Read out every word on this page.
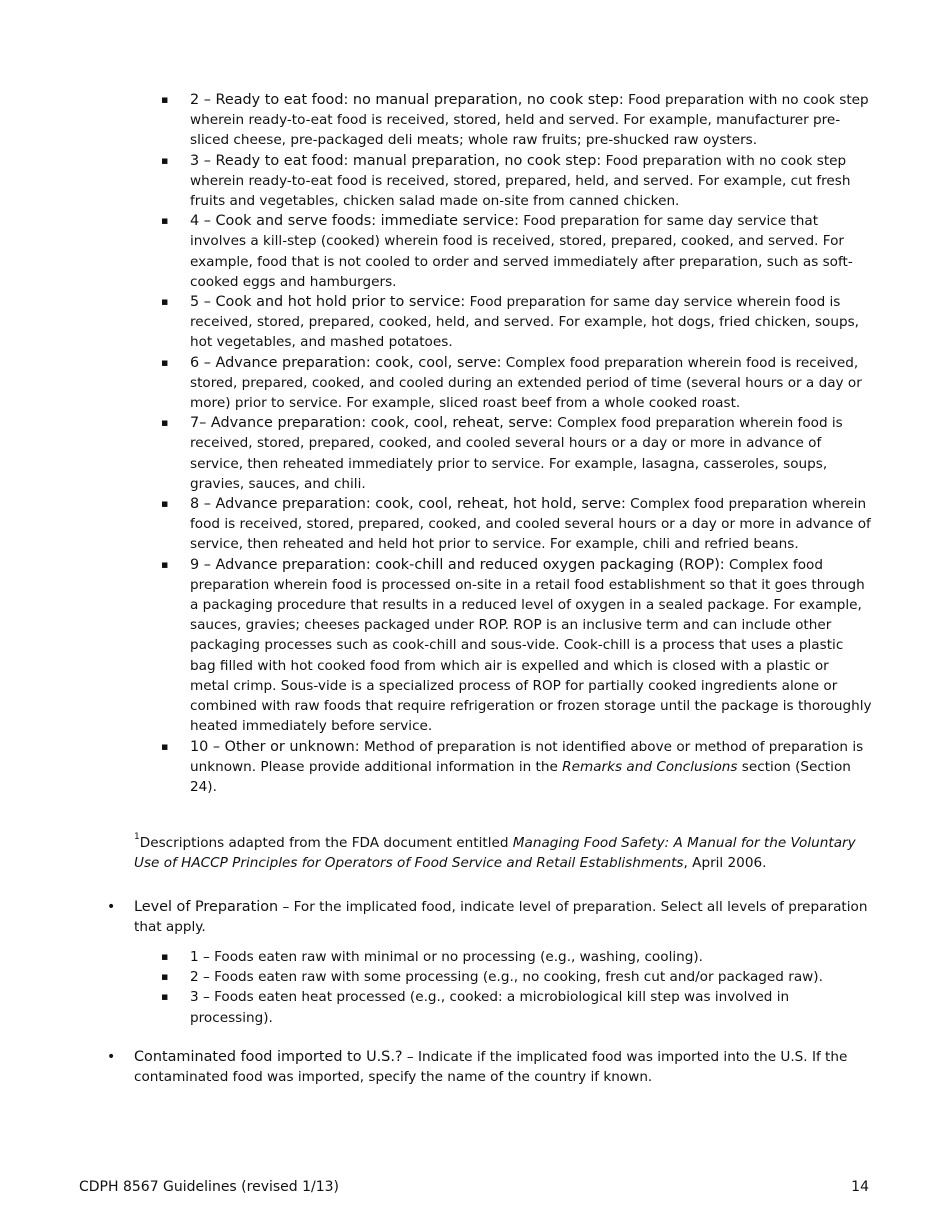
▪ 2 – Ready to eat food: no manual preparation, no cook step: Food preparation with no cook step wherein ready-to-eat food is received, stored, held and served. For example, manufacturer pre-sliced cheese, pre-packaged deli meats; whole raw fruits; pre-shucked raw oysters.
▪ 3 – Ready to eat food: manual preparation, no cook step: Food preparation with no cook step wherein ready-to-eat food is received, stored, prepared, held, and served. For example, cut fresh fruits and vegetables, chicken salad made on-site from canned chicken.
▪ 4 – Cook and serve foods: immediate service: Food preparation for same day service that involves a kill-step (cooked) wherein food is received, stored, prepared, cooked, and served. For example, food that is not cooled to order and served immediately after preparation, such as soft-cooked eggs and hamburgers.
▪ 5 – Cook and hot hold prior to service: Food preparation for same day service wherein food is received, stored, prepared, cooked, held, and served. For example, hot dogs, fried chicken, soups, hot vegetables, and mashed potatoes.
▪ 6 – Advance preparation: cook, cool, serve: Complex food preparation wherein food is received, stored, prepared, cooked, and cooled during an extended period of time (several hours or a day or more) prior to service. For example, sliced roast beef from a whole cooked roast.
▪ 7– Advance preparation: cook, cool, reheat, serve: Complex food preparation wherein food is received, stored, prepared, cooked, and cooled several hours or a day or more in advance of service, then reheated immediately prior to service. For example, lasagna, casseroles, soups, gravies, sauces, and chili.
▪ 8 – Advance preparation: cook, cool, reheat, hot hold, serve: Complex food preparation wherein food is received, stored, prepared, cooked, and cooled several hours or a day or more in advance of service, then reheated and held hot prior to service. For example, chili and refried beans.
▪ 9 – Advance preparation: cook-chill and reduced oxygen packaging (ROP): Complex food preparation wherein food is processed on-site in a retail food establishment so that it goes through a packaging procedure that results in a reduced level of oxygen in a sealed package. For example, sauces, gravies; cheeses packaged under ROP. ROP is an inclusive term and can include other packaging processes such as cook-chill and sous-vide. Cook-chill is a process that uses a plastic bag filled with hot cooked food from which air is expelled and which is closed with a plastic or metal crimp. Sous-vide is a specialized process of ROP for partially cooked ingredients alone or combined with raw foods that require refrigeration or frozen storage until the package is thoroughly heated immediately before service.
▪ 10 – Other or unknown: Method of preparation is not identified above or method of preparation is unknown. Please provide additional information in the Remarks and Conclusions section (Section 24).
$^1$Descriptions adapted from the FDA document entitled Managing Food Safety: A Manual for the Voluntary Use of HACCP Principles for Operators of Food Service and Retail Establishments, April 2006.
• Level of Preparation – For the implicated food, indicate level of preparation. Select all levels of preparation that apply.
▪ 1 – Foods eaten raw with minimal or no processing (e.g., washing, cooling).
▪ 2 – Foods eaten raw with some processing (e.g., no cooking, fresh cut and/or packaged raw).
▪ 3 – Foods eaten heat processed (e.g., cooked: a microbiological kill step was involved in processing).
• Contaminated food imported to U.S.? – Indicate if the implicated food was imported into the U.S. If the contaminated food was imported, specify the name of the country if known.
CDPH 8567 Guidelines (revised 1/13)	14
